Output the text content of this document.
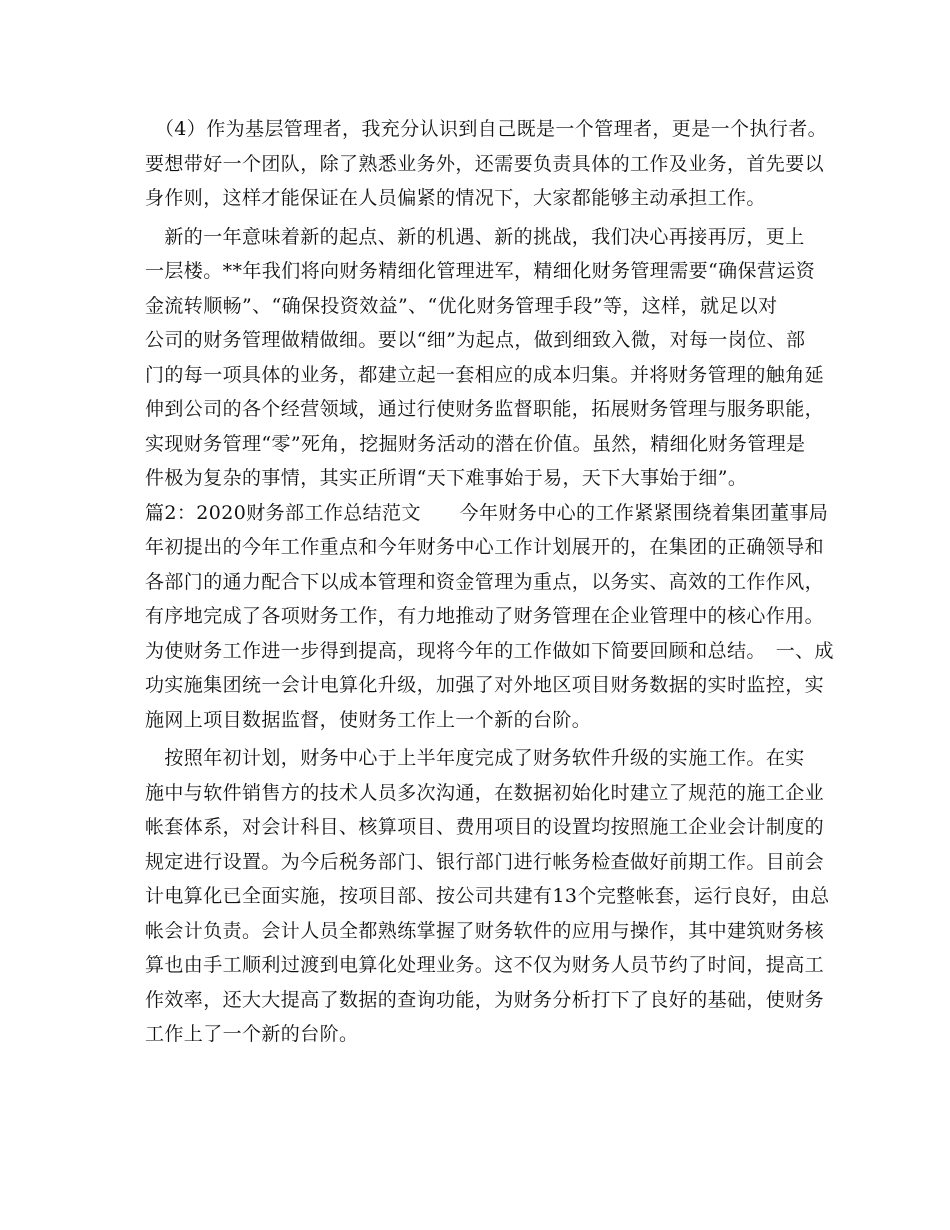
　（4）作为基层管理者，我充分认识到自己既是一个管理者，更是一个执行者。
要想带好一个团队，除了熟悉业务外，还需要负责具体的工作及业务，首先要以
身作则，这样才能保证在人员偏紧的情况下，大家都能够主动承担工作。
　新的一年意味着新的起点、新的机遇、新的挑战，我们决心再接再厉，更上
一层楼。**年我们将向财务精细化管理进军，精细化财务管理需要“确保营运资
金流转顺畅”、“确保投资效益”、“优化财务管理手段”等，这样，就足以对
公司的财务管理做精做细。要以“细”为起点，做到细致入微，对每一岗位、部
门的每一项具体的业务，都建立起一套相应的成本归集。并将财务管理的触角延
伸到公司的各个经营领域，通过行使财务监督职能，拓展财务管理与服务职能，
实现财务管理“零”死角，挖掘财务活动的潜在价值。虽然，精细化财务管理是
件极为复杂的事情，其实正所谓“天下难事始于易，天下大事始于细”。
篇2：2020财务部工作总结范文　　今年财务中心的工作紧紧围绕着集团董事局
年初提出的今年工作重点和今年财务中心工作计划展开的，在集团的正确领导和
各部门的通力配合下以成本管理和资金管理为重点，以务实、高效的工作作风，
有序地完成了各项财务工作，有力地推动了财务管理在企业管理中的核心作用。
为使财务工作进一步得到提高，现将今年的工作做如下简要回顾和总结。　一、成
功实施集团统一会计电算化升级，加强了对外地区项目财务数据的实时监控，实
施网上项目数据监督，使财务工作上一个新的台阶。
　按照年初计划，财务中心于上半年度完成了财务软件升级的实施工作。在实
施中与软件销售方的技术人员多次沟通，在数据初始化时建立了规范的施工企业
帐套体系，对会计科目、核算项目、费用项目的设置均按照施工企业会计制度的
规定进行设置。为今后税务部门、银行部门进行帐务检查做好前期工作。目前会
计电算化已全面实施，按项目部、按公司共建有13个完整帐套，运行良好，由总
帐会计负责。会计人员全都熟练掌握了财务软件的应用与操作，其中建筑财务核
算也由手工顺利过渡到电算化处理业务。这不仅为财务人员节约了时间，提高工
作效率，还大大提高了数据的查询功能，为财务分析打下了良好的基础，使财务
工作上了一个新的台阶。
